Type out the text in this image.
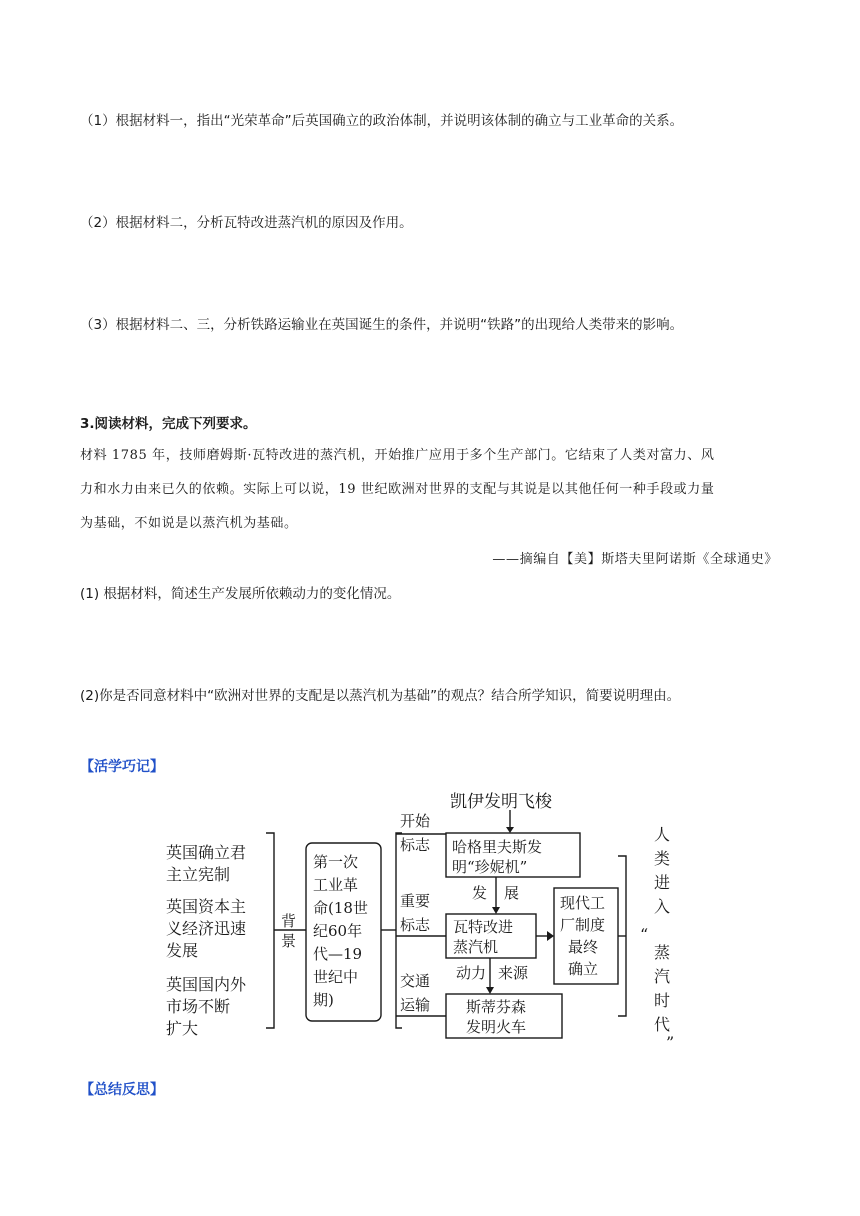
（1）根据材料一，指出“光荣革命”后英国确立的政治体制，并说明该体制的确立与工业革命的关系。
（2）根据材料二，分析瓦特改进蒸汽机的原因及作用。
（3）根据材料二、三，分析铁路运输业在英国诞生的条件，并说明“铁路”的出现给人类带来的影响。
3.阅读材料，完成下列要求。
材料 1785 年，技师磨姆斯·瓦特改进的蒸汽机，开始推广应用于多个生产部门。它结束了人类对富力、风
力和水力由来已久的依赖。实际上可以说，19 世纪欧洲对世界的支配与其说是以其他任何一种手段或力量
为基础，不如说是以蒸汽机为基础。
——摘编自【美】斯塔夫里阿诺斯《全球通史》
(1) 根据材料，简述生产发展所依赖动力的变化情况。
(2)你是否同意材料中“欧洲对世界的支配是以蒸汽机为基础”的观点？结合所学知识，简要说明理由。
【活学巧记】
【总结反思】
英国确立君
主立宪制
英国资本主
义经济迅速
发展
英国国内外
市场不断
扩大
背
景
第一次
工业革
命(18世
纪60年
代—19
世纪中
期)
开始
标志
重要
标志
交通
运输
凯伊发明飞梭
哈格里夫斯发
明“珍妮机”
发 展
瓦特改进
蒸汽机
动力 来源
斯蒂芬森
发明火车
现代工
厂制度
最终
确立
人
类
进
入
“
蒸
汽
时
代
”
